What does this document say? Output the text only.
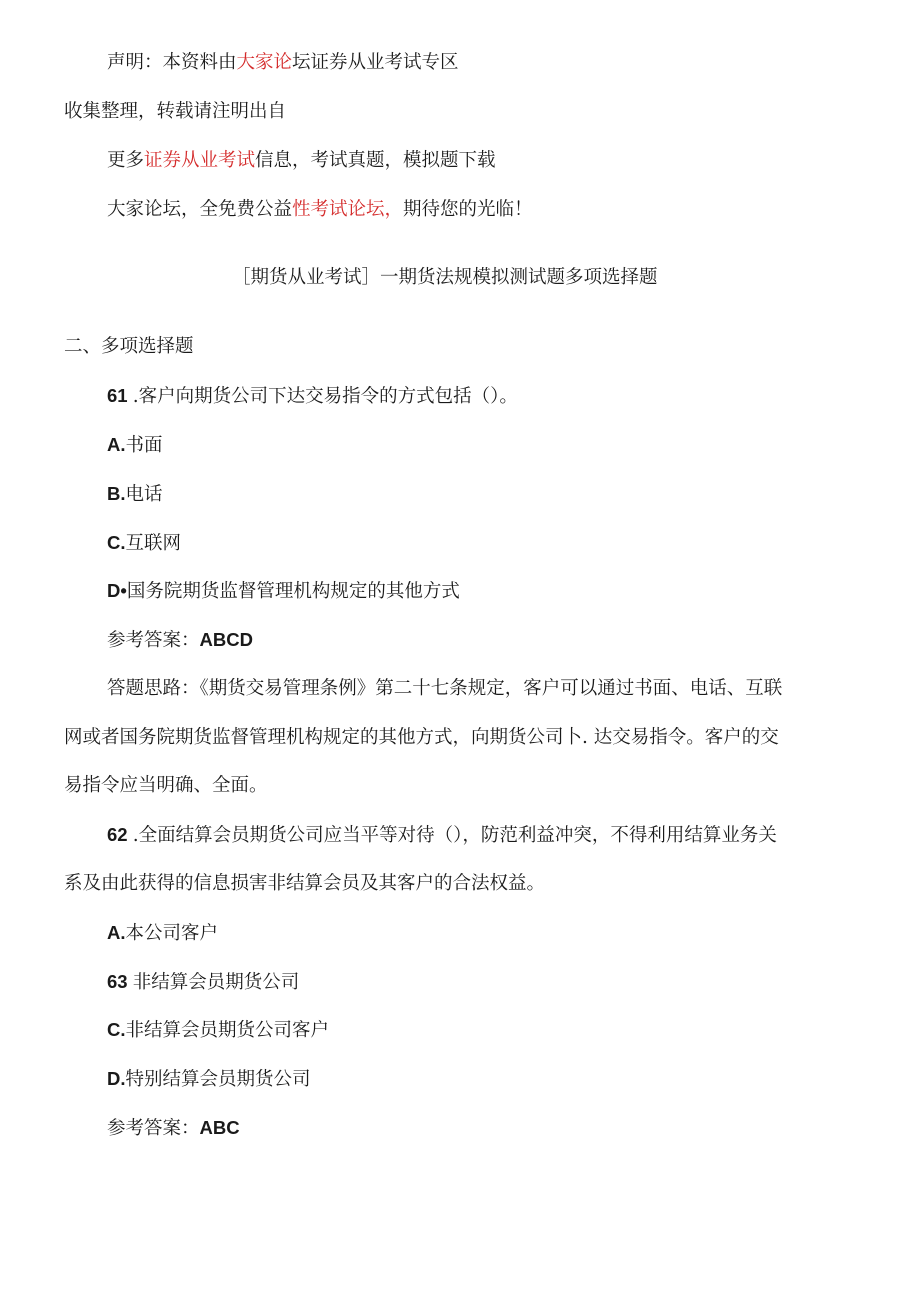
声明：本资料由大家论坛证券从业考试专区
收集整理，转载请注明出自
更多证券从业考试信息，考试真题，模拟题下载
大家论坛，全免费公益性考试论坛，期待您的光临！
［期货从业考试］一期货法规模拟测试题多项选择题
二、多项选择题
61 .客户向期货公司下达交易指令的方式包括（）。
A.书面
B.电话
C.互联网
D•国务院期货监督管理机构规定的其他方式
参考答案：ABCD
答题思路：《期货交易管理条例》第二十七条规定，客户可以通过书面、电话、互联
网或者国务院期货监督管理机构规定的其他方式，向期货公司卜. 达交易指令。客户的交
易指令应当明确、全面。
62 .全面结算会员期货公司应当平等对待（），防范利益冲突，不得利用结算业务关
系及由此获得的信息损害非结算会员及其客户的合法权益。
A.本公司客户
63 非结算会员期货公司
C.非结算会员期货公司客户
D.特别结算会员期货公司
参考答案：ABC
